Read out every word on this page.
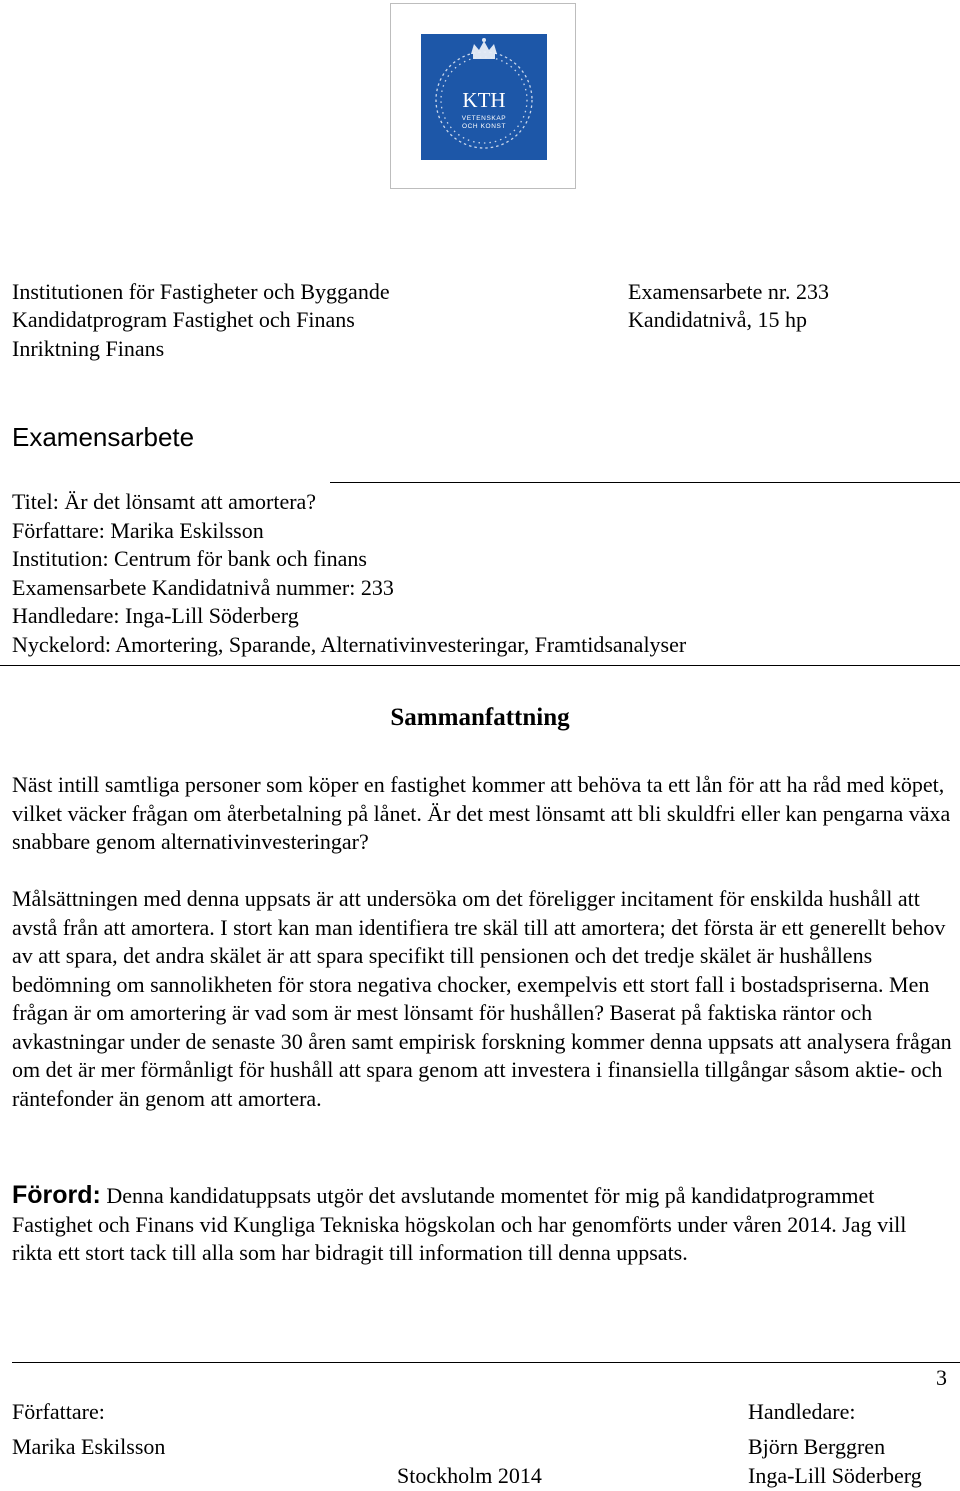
KTH
VETENSKAP
OCH KONST
Institutionen för Fastigheter och Byggande
Kandidatprogram Fastighet och Finans
Inriktning Finans
Examensarbete nr. 233
Kandidatnivå, 15 hp
Examensarbete
Titel: Är det lönsamt att amortera?
Författare: Marika Eskilsson
Institution: Centrum för bank och finans
Examensarbete Kandidatnivå nummer: 233
Handledare: Inga-Lill Söderberg
Nyckelord: Amortering, Sparande, Alternativinvesteringar, Framtidsanalyser
Sammanfattning

Näst intill samtliga personer som köper en fastighet kommer att behöva ta ett lån för att ha råd med köpet, vilket väcker frågan om återbetalning på lånet. Är det mest lönsamt att bli skuldfri eller kan pengarna växa snabbare genom alternativinvesteringar?

Målsättningen med denna uppsats är att undersöka om det föreligger incitament för enskilda hushåll att avstå från att amortera. I stort kan man identifiera tre skäl till att amortera; det första är ett generellt behov av att spara, det andra skälet är att spara specifikt till pensionen och det tredje skälet är hushållens bedömning om sannolikheten för stora negativa chocker, exempelvis ett stort fall i bostadspriserna. Men frågan är om amortering är vad som är mest lönsamt för hushållen? Baserat på faktiska räntor och avkastningar under de senaste 30 åren samt empirisk forskning kommer denna uppsats att analysera frågan om det är mer förmånligt för hushåll att spara genom att investera i finansiella tillgångar såsom aktie- och räntefonder än genom att amortera.

Förord: Denna kandidatuppsats utgör det avslutande momentet för mig på kandidatprogrammet Fastighet och Finans vid Kungliga Tekniska högskolan och har genomförts under våren 2014. Jag vill rikta ett stort tack till alla som har bidragit till information till denna uppsats.

3
Författare:
Marika Eskilsson
Stockholm 2014
Handledare:
Björn Berggren
Inga-Lill Söderberg
